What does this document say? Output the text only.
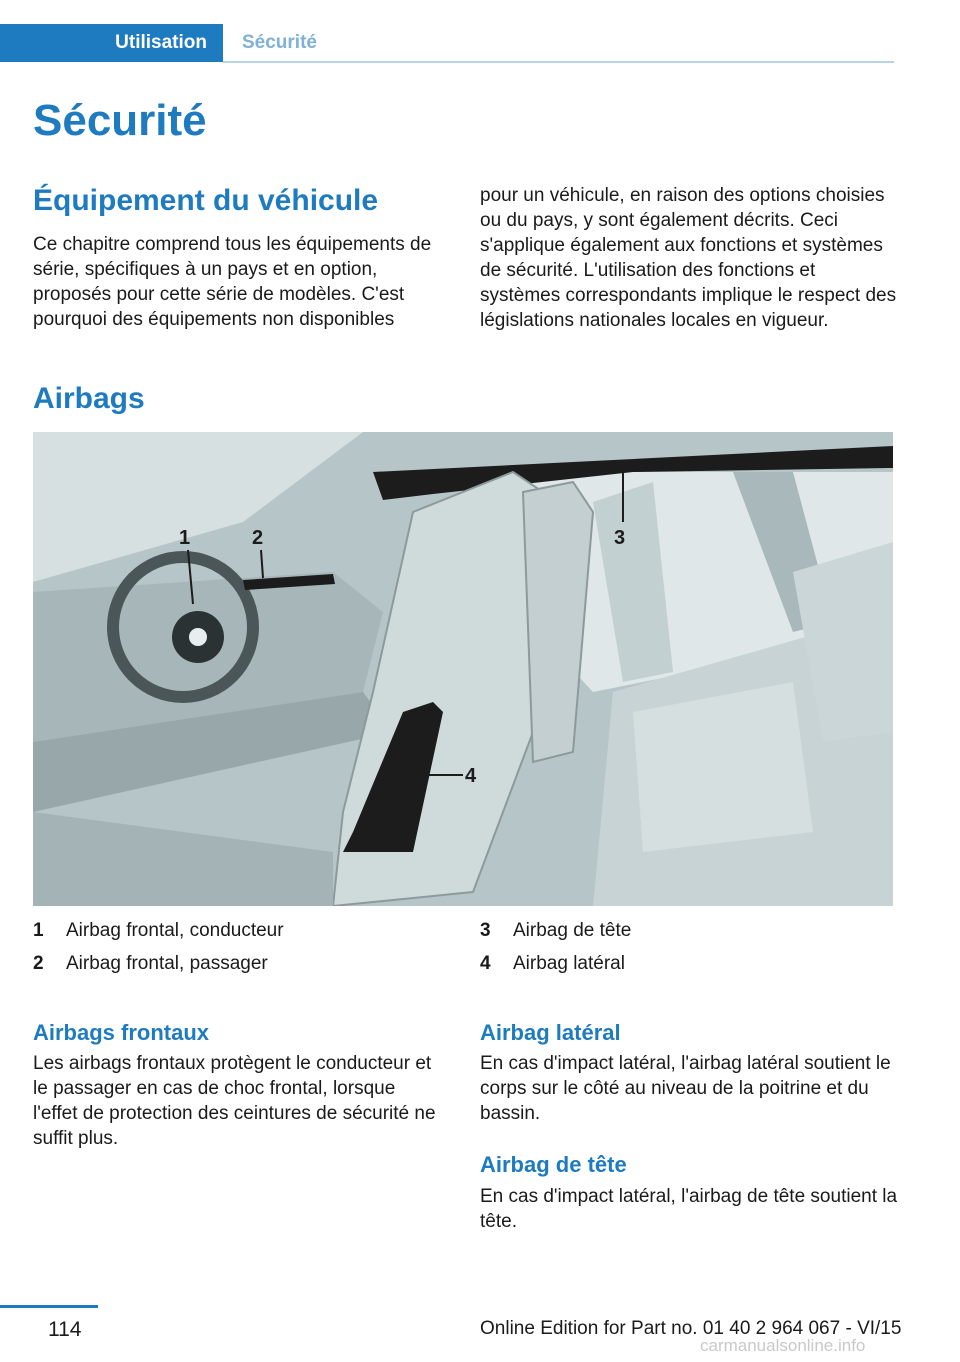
Utilisation	Sécurité
Sécurité
Équipement du véhicule

Ce chapitre comprend tous les équipements de série, spécifiques à un pays et en option, proposés pour cette série de modèles. C'est pourquoi des équipements non disponibles

pour un véhicule, en raison des options choisies ou du pays, y sont également décrits. Ceci s'applique également aux fonctions et systèmes de sécurité. L'utilisation des fonctions et systèmes correspondants implique le respect des législations nationales locales en vigueur.

Airbags
1	2	3
4
1 Airbag frontal, conducteur
2 Airbag frontal, passager
3 Airbag de tête
4 Airbag latéral
Airbags frontaux

Les airbags frontaux protègent le conducteur et le passager en cas de choc frontal, lorsque l'effet de protection des ceintures de sécurité ne suffit plus.

Airbag latéral

En cas d'impact latéral, l'airbag latéral soutient le corps sur le côté au niveau de la poitrine et du bassin.

Airbag de tête

En cas d'impact latéral, l'airbag de tête soutient la tête.

114	Online Edition for Part no. 01 40 2 964 067 - VI/15
carmanualsonline.info
